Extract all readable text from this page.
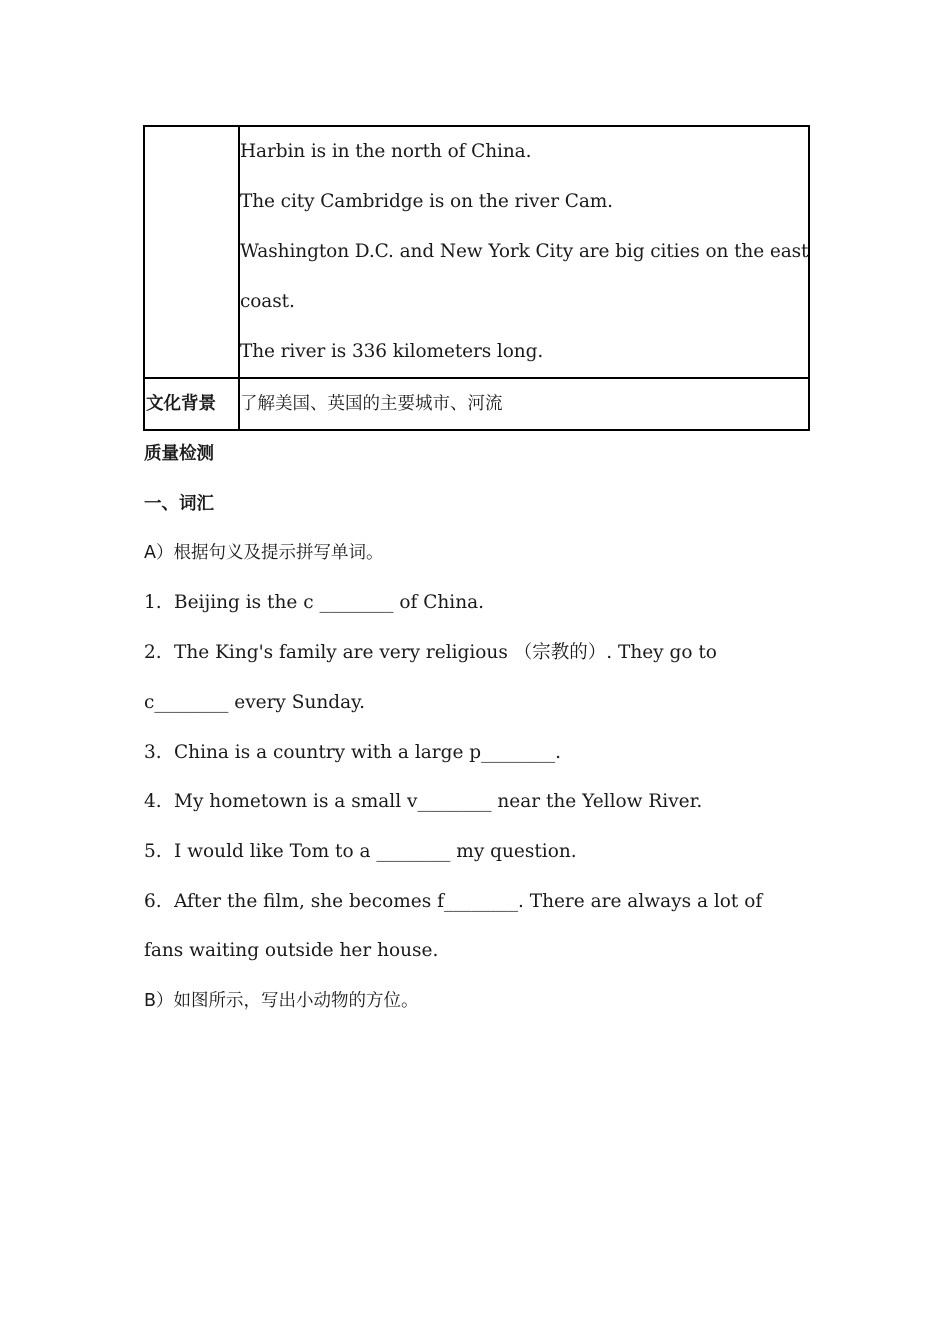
	Harbin is in the north of China.
The city Cambridge is on the river Cam.
Washington D.C. and New York City are big cities on the east
coast.
The river is 336 kilometers long.

文化背景	了解美国、英国的主要城市、河流
质量检测
一、词汇
A）根据句义及提示拼写单词。
1. Beijing is the c ________ of China.
2. The King's family are very religious （宗教的）. They go to
c________ every Sunday.
3. China is a country with a large p________.
4. My hometown is a small v________ near the Yellow River.
5. I would like Tom to a ________ my question.
6. After the film, she becomes f________. There are always a lot of
fans waiting outside her house.
B）如图所示，写出小动物的方位。
